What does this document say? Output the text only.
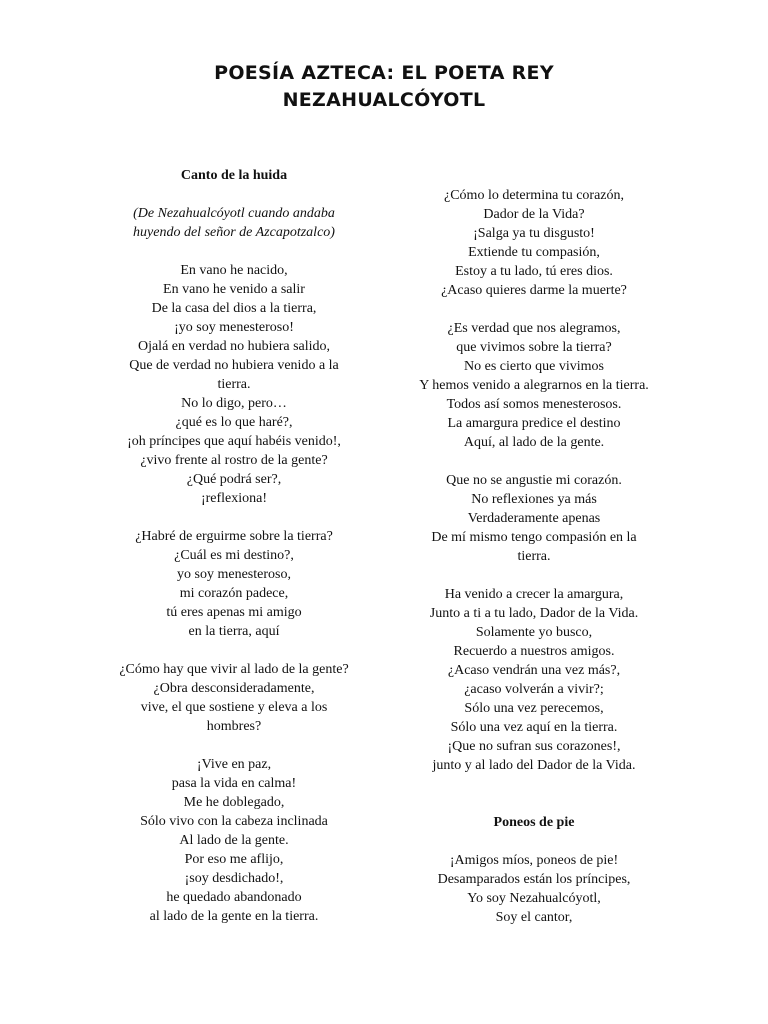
POESÍA AZTECA: EL POETA REY
NEZAHUALCÓYOTL
Canto de la huida
(De Nezahualcóyotl cuando andaba
huyendo del señor de Azcapotzalco)
En vano he nacido,
En vano he venido a salir
De la casa del dios a la tierra,
¡yo soy menesteroso!
Ojalá en verdad no hubiera salido,
Que de verdad no hubiera venido a la
tierra.
No lo digo, pero…
¿qué es lo que haré?,
¡oh príncipes que aquí habéis venido!,
¿vivo frente al rostro de la gente?
¿Qué podrá ser?,
¡reflexiona!
¿Habré de erguirme sobre la tierra?
¿Cuál es mi destino?,
yo soy menesteroso,
mi corazón padece,
tú eres apenas mi amigo
en la tierra, aquí
¿Cómo hay que vivir al lado de la gente?
¿Obra desconsideradamente,
vive, el que sostiene y eleva a los
hombres?
¡Vive en paz,
pasa la vida en calma!
Me he doblegado,
Sólo vivo con la cabeza inclinada
Al lado de la gente.
Por eso me aflijo,
¡soy desdichado!,
he quedado abandonado
al lado de la gente en la tierra.
¿Cómo lo determina tu corazón,
Dador de la Vida?
¡Salga ya tu disgusto!
Extiende tu compasión,
Estoy a tu lado, tú eres dios.
¿Acaso quieres darme la muerte?
¿Es verdad que nos alegramos,
que vivimos sobre la tierra?
No es cierto que vivimos
Y hemos venido a alegrarnos en la tierra.
Todos así somos menesterosos.
La amargura predice el destino
Aquí, al lado de la gente.
Que no se angustie mi corazón.
No reflexiones ya más
Verdaderamente apenas
De mí mismo tengo compasión en la
tierra.
Ha venido a crecer la amargura,
Junto a ti a tu lado, Dador de la Vida.
Solamente yo busco,
Recuerdo a nuestros amigos.
¿Acaso vendrán una vez más?,
¿acaso volverán a vivir?;
Sólo una vez perecemos,
Sólo una vez aquí en la tierra.
¡Que no sufran sus corazones!,
junto y al lado del Dador de la Vida.
Poneos de pie
¡Amigos míos, poneos de pie!
Desamparados están los príncipes,
Yo soy Nezahualcóyotl,
Soy el cantor,
